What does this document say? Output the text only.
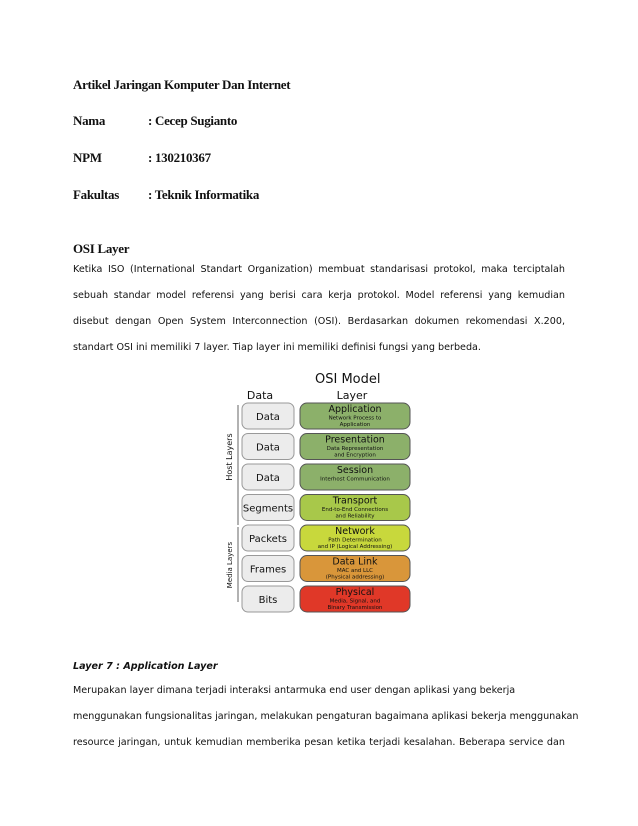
Artikel Jaringan Komputer Dan Internet
Nama	: Cecep Sugianto
NPM	: 130210367
Fakultas : Teknik Informatika
OSI Layer
Ketika ISO (International Standart Organization) membuat standarisasi protokol, maka terciptalah
sebuah standar model referensi yang berisi cara kerja protokol. Model referensi yang kemudian
disebut dengan Open System Interconnection (OSI). Berdasarkan dokumen rekomendasi X.200,
standart OSI ini memiliki 7 layer. Tiap layer ini memiliki definisi fungsi yang berbeda.
OSI Model
Data	Layer
Host Layers
Media Layers
Data
Application
Network Process to
Application
Data
Presentation
Data Representation
and Encryption
Data
Session
Interhost Communication
Segments
Transport
End-to-End Connections
and Reliability
Packets
Network
Path Determination
and IP (Logical Addressing)
Frames
Data Link
MAC and LLC
(Physical addressing)
Bits
Physical
Media, Signal, and
Binary Transmission
Layer 7 : Application Layer
Merupakan layer dimana terjadi interaksi antarmuka end user dengan aplikasi yang bekerja
menggunakan fungsionalitas jaringan, melakukan pengaturan bagaimana aplikasi bekerja menggunakan
resource jaringan, untuk kemudian memberika pesan ketika terjadi kesalahan. Beberapa service dan
